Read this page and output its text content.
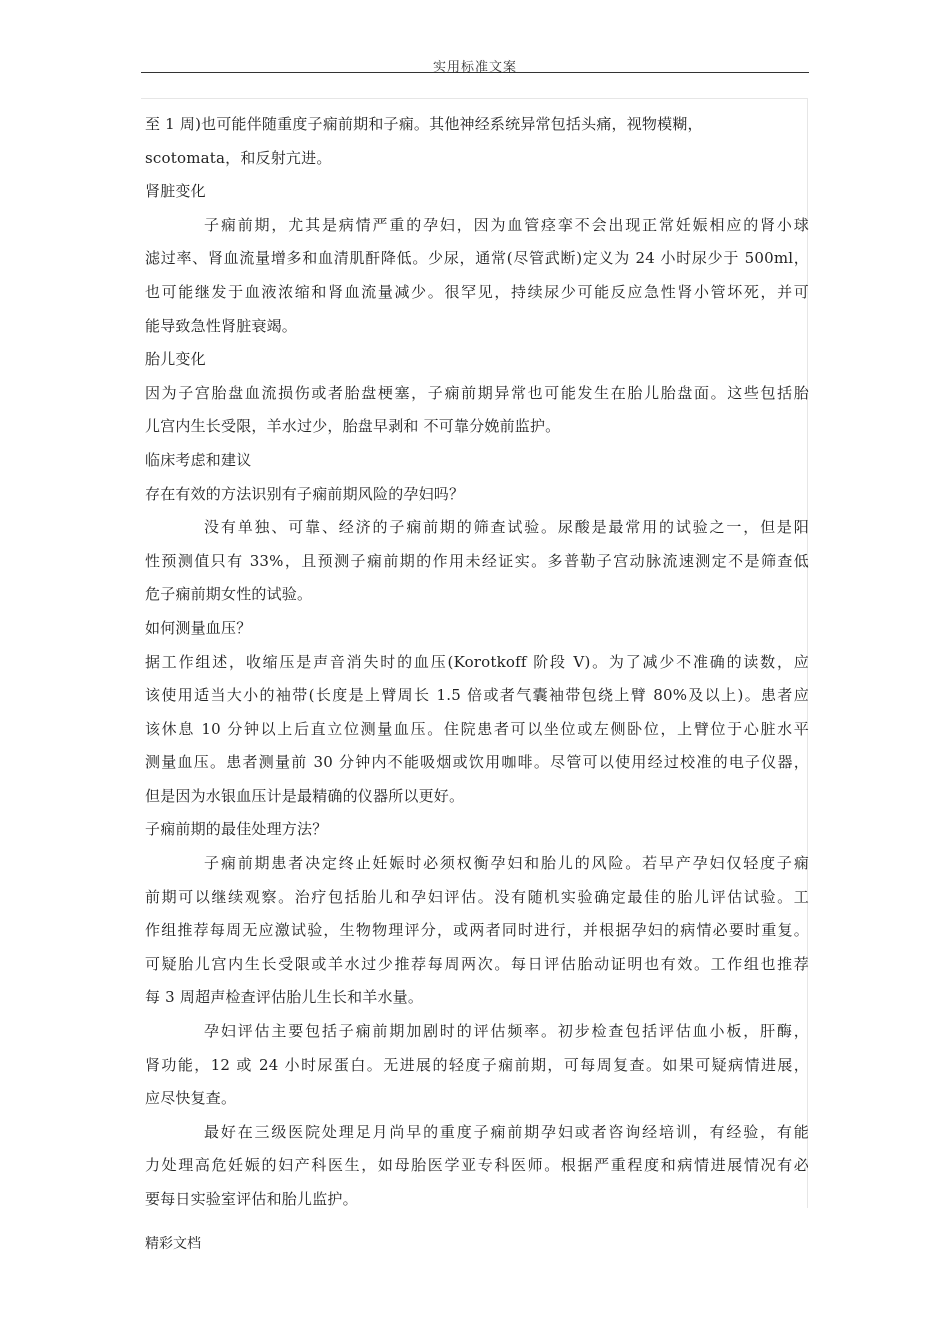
实用标准文案
至 1 周)也可能伴随重度子痫前期和子痫。其他神经系统异常包括头痛，视物模糊，
scotomata，和反射亢进。
肾脏变化
子痫前期，尤其是病情严重的孕妇，因为血管痉挛不会出现正常妊娠相应的肾小球
滤过率、肾血流量增多和血清肌酐降低。少尿，通常(尽管武断)定义为 24 小时尿少于 500ml，
也可能继发于血液浓缩和肾血流量减少。很罕见，持续尿少可能反应急性肾小管坏死，并可
能导致急性肾脏衰竭。
胎儿变化
因为子宫胎盘血流损伤或者胎盘梗塞，子痫前期异常也可能发生在胎儿胎盘面。这些包括胎
儿宫内生长受限，羊水过少，胎盘早剥和 不可靠分娩前监护。
临床考虑和建议
存在有效的方法识别有子痫前期风险的孕妇吗？
没有单独、可靠、经济的子痫前期的筛查试验。尿酸是最常用的试验之一，但是阳
性预测值只有 33%，且预测子痫前期的作用未经证实。多普勒子宫动脉流速测定不是筛查低
危子痫前期女性的试验。
如何测量血压？
据工作组述，收缩压是声音消失时的血压(Korotkoff 阶段 V)。为了减少不准确的读数，应
该使用适当大小的袖带(长度是上臂周长 1.5 倍或者气囊袖带包绕上臂 80%及以上)。患者应
该休息 10 分钟以上后直立位测量血压。住院患者可以坐位或左侧卧位，上臂位于心脏水平
测量血压。患者测量前 30 分钟内不能吸烟或饮用咖啡。尽管可以使用经过校准的电子仪器，
但是因为水银血压计是最精确的仪器所以更好。
子痫前期的最佳处理方法？
子痫前期患者决定终止妊娠时必须权衡孕妇和胎儿的风险。若早产孕妇仅轻度子痫
前期可以继续观察。治疗包括胎儿和孕妇评估。没有随机实验确定最佳的胎儿评估试验。工
作组推荐每周无应激试验，生物物理评分，或两者同时进行，并根据孕妇的病情必要时重复。
可疑胎儿宫内生长受限或羊水过少推荐每周两次。每日评估胎动证明也有效。工作组也推荐
每 3 周超声检查评估胎儿生长和羊水量。
孕妇评估主要包括子痫前期加剧时的评估频率。初步检查包括评估血小板，肝酶，
肾功能，12 或 24 小时尿蛋白。无进展的轻度子痫前期，可每周复查。如果可疑病情进展，
应尽快复查。
最好在三级医院处理足月尚早的重度子痫前期孕妇或者咨询经培训，有经验，有能
力处理高危妊娠的妇产科医生，如母胎医学亚专科医师。根据严重程度和病情进展情况有必
要每日实验室评估和胎儿监护。
精彩文档
